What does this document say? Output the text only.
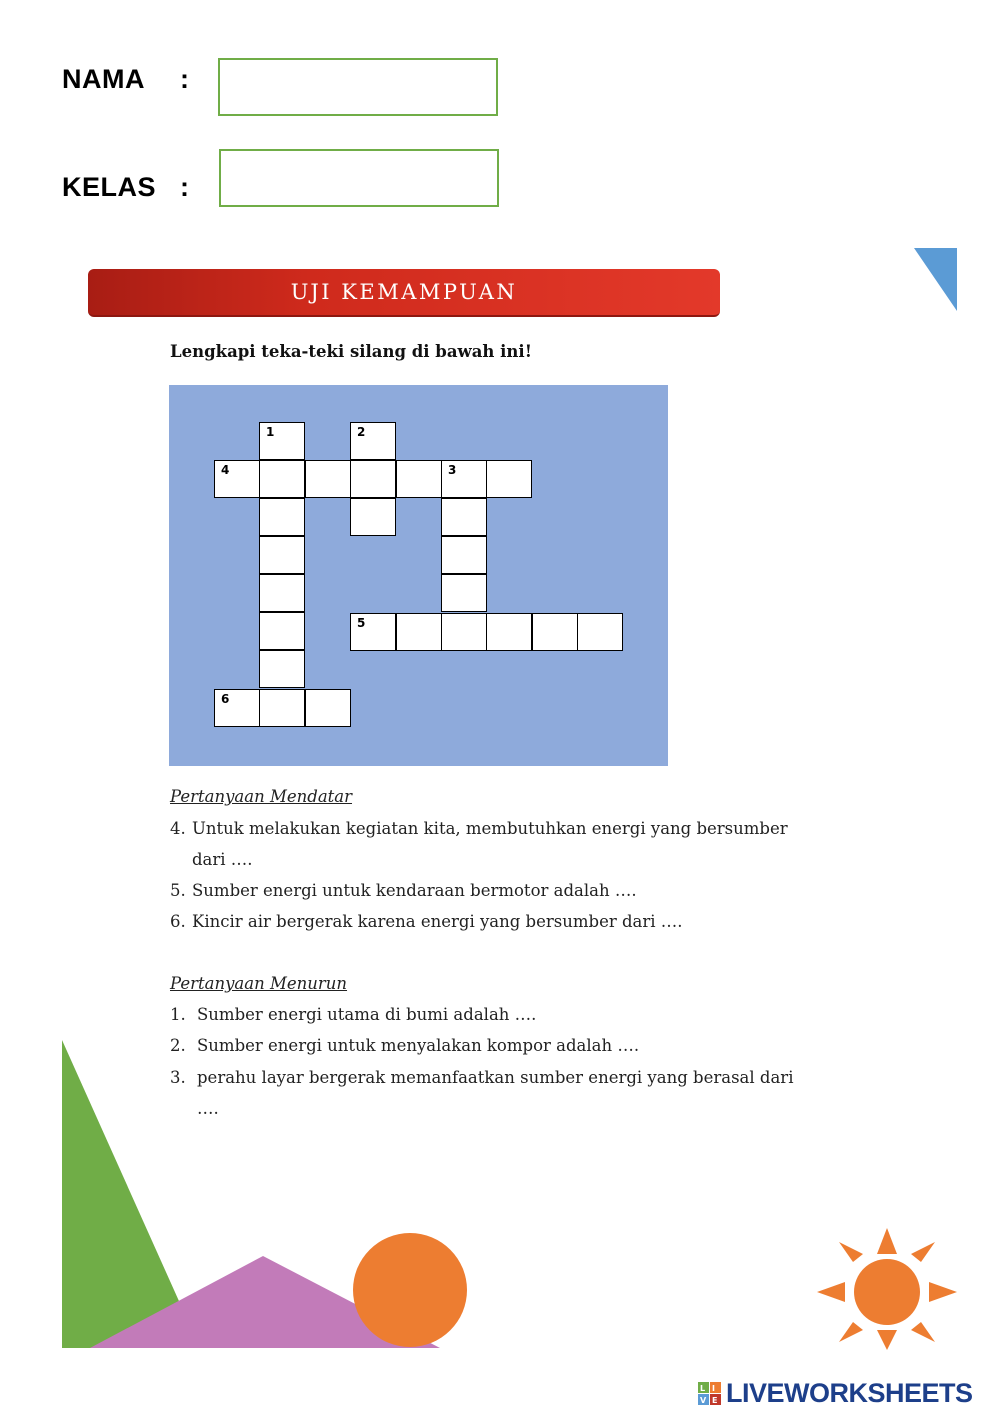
NAMA :
KELAS :
UJI KEMAMPUAN
Lengkapi teka-teki silang di bawah ini!
1	2
4	3
5
6
Pertanyaan Mendatar
4. Untuk melakukan kegiatan kita, membutuhkan energi yang bersumber
dari ….
5. Sumber energi untuk kendaraan bermotor adalah ….
6. Kincir air bergerak karena energi yang bersumber dari ….
Pertanyaan Menurun
1. Sumber energi utama di bumi adalah ….
2. Sumber energi untuk menyalakan kompor adalah ….
3. perahu layar bergerak memanfaatkan sumber energi yang berasal dari
….
L I
V E LIVEWORKSHEETS
